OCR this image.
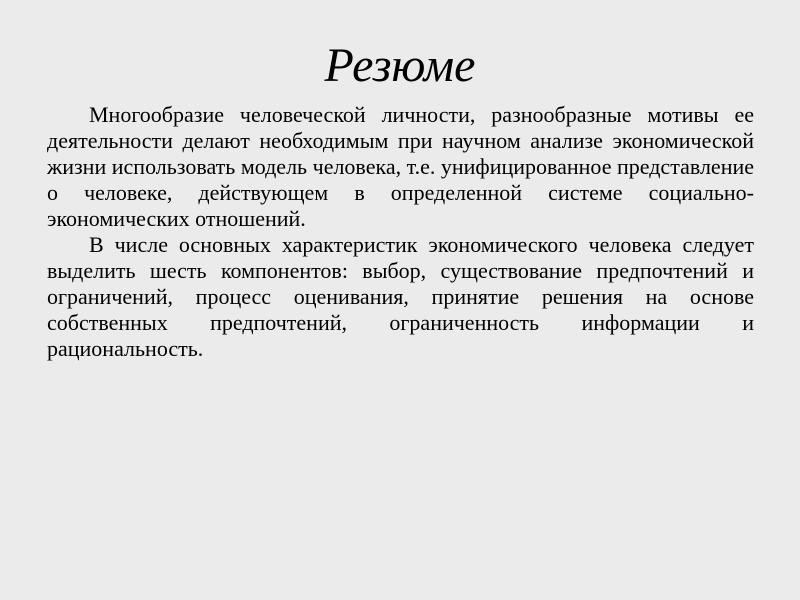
Резюме

Многообразие человеческой личности, разнообразные мотивы ее деятельности делают необходимым при научном анализе экономической жизни использовать модель человека, т.е. унифицированное представление о человеке, действующем в определенной системе социально-экономических отношений.

В числе основных характеристик экономического человека следует выделить шесть компонентов: выбор, существование предпочтений и ограничений, процесс оценивания, принятие решения на основе собственных предпочтений, ограниченность информации и рациональность.
